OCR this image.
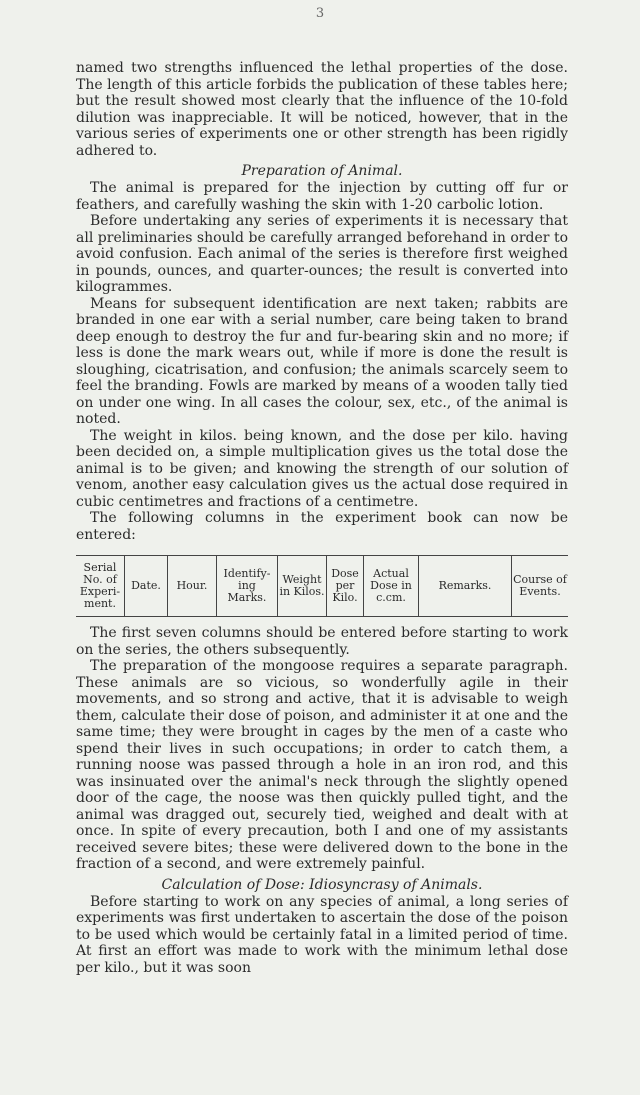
3

named two strengths influenced the lethal properties of the dose. The length of this article forbids the publication of these tables here; but the result showed most clearly that the influence of the 10-fold dilution was inappreciable. It will be noticed, however, that in the various series of experiments one or other strength has been rigidly adhered to.

Preparation of Animal.

The animal is prepared for the injection by cutting off fur or feathers, and carefully washing the skin with 1-20 carbolic lotion.

Before undertaking any series of experiments it is necessary that all preliminaries should be carefully arranged beforehand in order to avoid confusion. Each animal of the series is therefore first weighed in pounds, ounces, and quarter-ounces; the result is converted into kilogrammes.

Means for subsequent identification are next taken; rabbits are branded in one ear with a serial number, care being taken to brand deep enough to destroy the fur and fur-bearing skin and no more; if less is done the mark wears out, while if more is done the result is sloughing, cicatrisation, and confusion; the animals scarcely seem to feel the branding. Fowls are marked by means of a wooden tally tied on under one wing. In all cases the colour, sex, etc., of the animal is noted.

The weight in kilos. being known, and the dose per kilo. having been decided on, a simple multiplication gives us the total dose the animal is to be given; and knowing the strength of our solution of venom, another easy calculation gives us the actual dose required in cubic centimetres and fractions of a centimetre.

The following columns in the experiment book can now be entered:

Serial No. of Experi-ment.	Date.	Hour.	Identify-ing Marks.	Weight in Kilos.	Dose per Kilo.	Actual Dose in c.cm.	Remarks.	Course of Events.

The first seven columns should be entered before starting to work on the series, the others subsequently.

The preparation of the mongoose requires a separate paragraph. These animals are so vicious, so wonderfully agile in their movements, and so strong and active, that it is advisable to weigh them, calculate their dose of poison, and administer it at one and the same time; they were brought in cages by the men of a caste who spend their lives in such occupations; in order to catch them, a running noose was passed through a hole in an iron rod, and this was insinuated over the animal's neck through the slightly opened door of the cage, the noose was then quickly pulled tight, and the animal was dragged out, securely tied, weighed and dealt with at once. In spite of every precaution, both I and one of my assistants received severe bites; these were delivered down to the bone in the fraction of a second, and were extremely painful.

Calculation of Dose: Idiosyncrasy of Animals.

Before starting to work on any species of animal, a long series of experiments was first undertaken to ascertain the dose of the poison to be used which would be certainly fatal in a limited period of time. At first an effort was made to work with the minimum lethal dose per kilo., but it was soon
